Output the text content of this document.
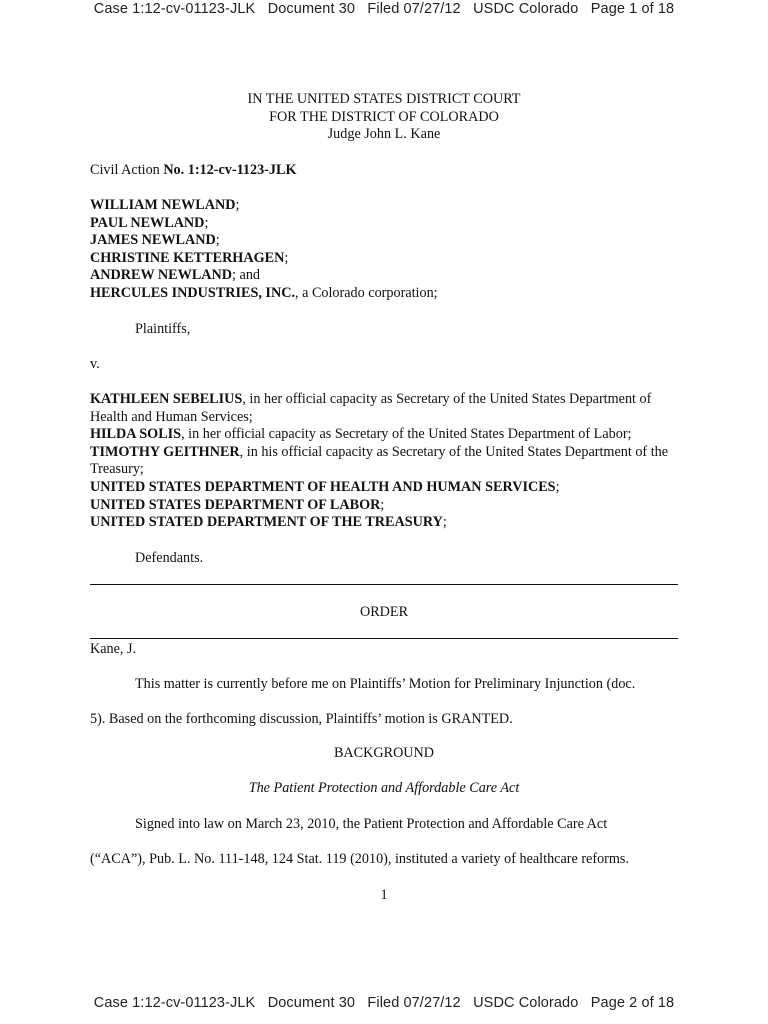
Case 1:12-cv-01123-JLK   Document 30   Filed 07/27/12   USDC Colorado   Page 1 of 18
IN THE UNITED STATES DISTRICT COURT
FOR THE DISTRICT OF COLORADO
Judge John L. Kane
Civil Action No. 1:12-cv-1123-JLK
WILLIAM NEWLAND;
PAUL NEWLAND;
JAMES NEWLAND;
CHRISTINE KETTERHAGEN;
ANDREW NEWLAND; and
HERCULES INDUSTRIES, INC., a Colorado corporation;
Plaintiffs,
v.
KATHLEEN SEBELIUS, in her official capacity as Secretary of the United States Department of Health and Human Services;
HILDA SOLIS, in her official capacity as Secretary of the United States Department of Labor;
TIMOTHY GEITHNER, in his official capacity as Secretary of the United States Department of the Treasury;
UNITED STATES DEPARTMENT OF HEALTH AND HUMAN SERVICES;
UNITED STATES DEPARTMENT OF LABOR;
UNITED STATED DEPARTMENT OF THE TREASURY;
Defendants.
ORDER
Kane, J.
This matter is currently before me on Plaintiffs’ Motion for Preliminary Injunction (doc.
5). Based on the forthcoming discussion, Plaintiffs’ motion is GRANTED.
BACKGROUND
The Patient Protection and Affordable Care Act
Signed into law on March 23, 2010, the Patient Protection and Affordable Care Act
(“ACA”), Pub. L. No. 111-148, 124 Stat. 119 (2010), instituted a variety of healthcare reforms.
1
Case 1:12-cv-01123-JLK   Document 30   Filed 07/27/12   USDC Colorado   Page 2 of 18
